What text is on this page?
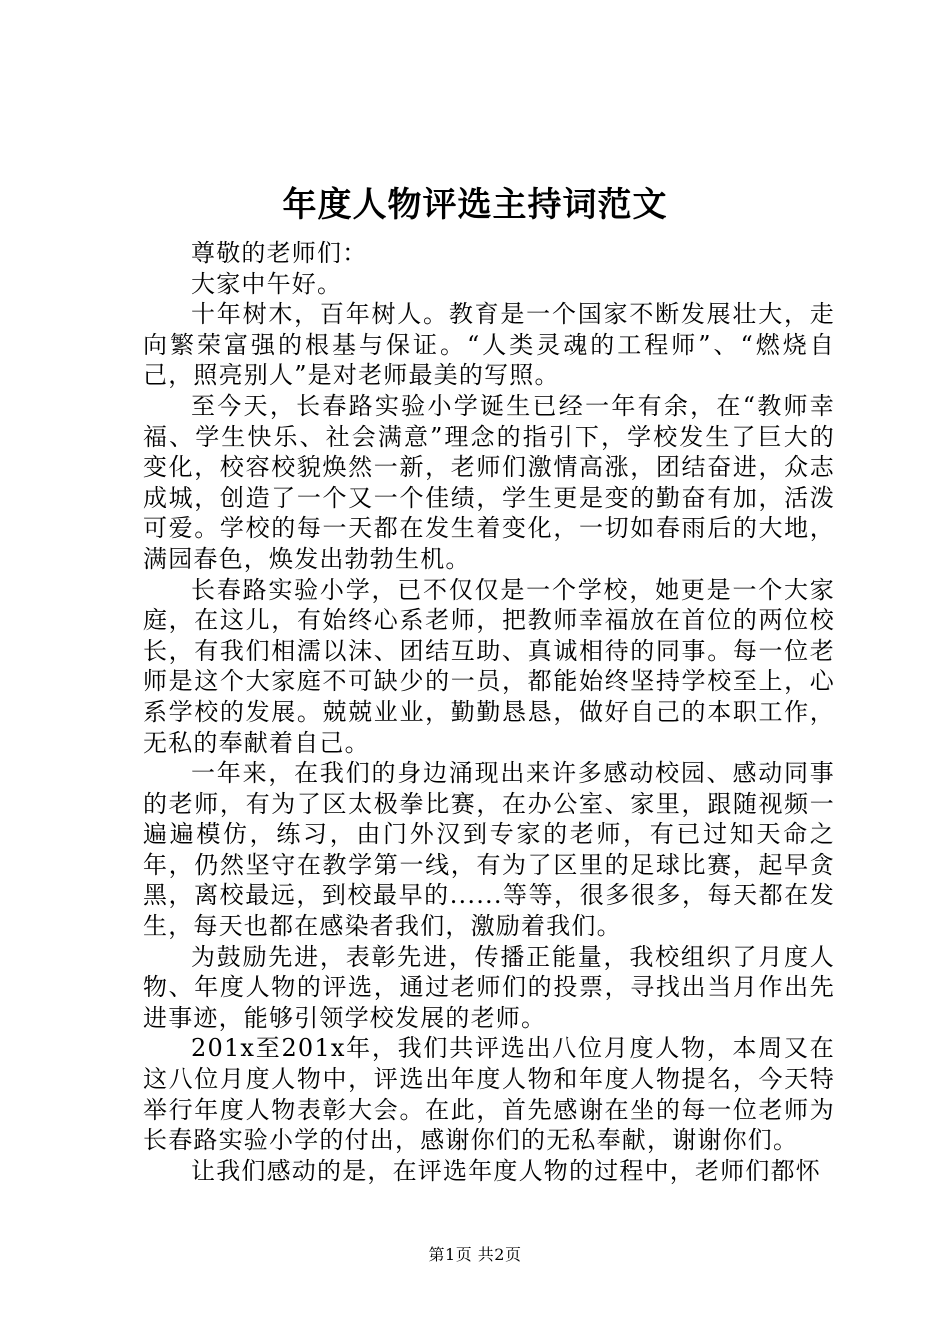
年度人物评选主持词范文

尊敬的老师们：

大家中午好。

十年树木，百年树人。教育是一个国家不断发展壮大，走向繁荣富强的根基与保证。“人类灵魂的工程师”、“燃烧自己，照亮别人”是对老师最美的写照。

至今天，长春路实验小学诞生已经一年有余，在“教师幸福、学生快乐、社会满意”理念的指引下，学校发生了巨大的变化，校容校貌焕然一新，老师们激情高涨，团结奋进，众志成城，创造了一个又一个佳绩，学生更是变的勤奋有加，活泼可爱。学校的每一天都在发生着变化，一切如春雨后的大地，满园春色，焕发出勃勃生机。

长春路实验小学，已不仅仅是一个学校，她更是一个大家庭，在这儿，有始终心系老师，把教师幸福放在首位的两位校长，有我们相濡以沫、团结互助、真诚相待的同事。每一位老师是这个大家庭不可缺少的一员，都能始终坚持学校至上，心系学校的发展。兢兢业业，勤勤恳恳，做好自己的本职工作，无私的奉献着自己。

一年来，在我们的身边涌现出来许多感动校园、感动同事的老师，有为了区太极拳比赛，在办公室、家里，跟随视频一遍遍模仿，练习，由门外汉到专家的老师，有已过知天命之年，仍然坚守在教学第一线，有为了区里的足球比赛，起早贪黑，离校最远，到校最早的......等等，很多很多，每天都在发生，每天也都在感染者我们，激励着我们。

为鼓励先进，表彰先进，传播正能量，我校组织了月度人物、年度人物的评选，通过老师们的投票，寻找出当月作出先进事迹，能够引领学校发展的老师。

201x至201x年，我们共评选出八位月度人物，本周又在这八位月度人物中，评选出年度人物和年度人物提名，今天特举行年度人物表彰大会。在此，首先感谢在坐的每一位老师为长春路实验小学的付出，感谢你们的无私奉献，谢谢你们。

让我们感动的是，在评选年度人物的过程中，老师们都怀

第1页 共2页
